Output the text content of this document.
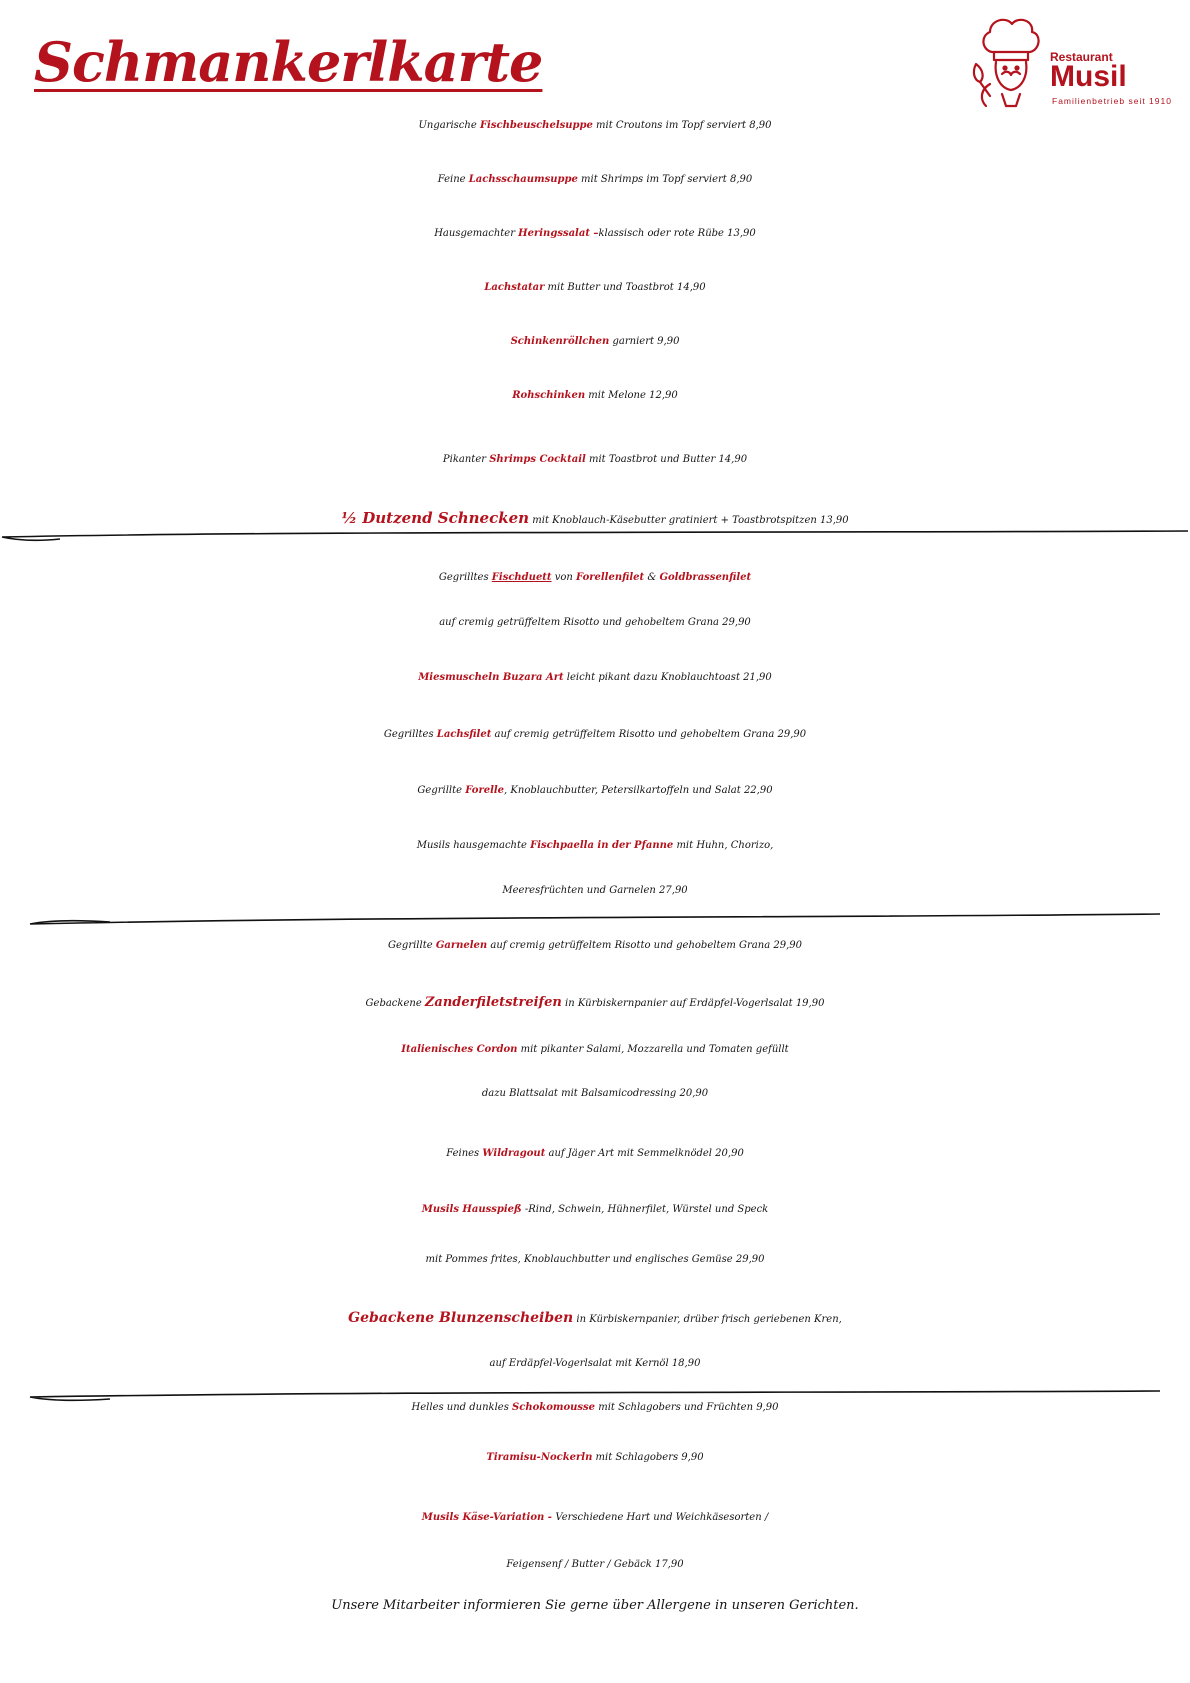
Schmankerlkarte	Restaurant
Musil
Familienbetrieb seit 1910
Ungarische Fischbeuschelsuppe mit Croutons im Topf serviert 8,90
Feine Lachsschaumsuppe mit Shrimps im Topf serviert 8,90
Hausgemachter Heringssalat –klassisch oder rote Rübe 13,90
Lachstatar mit Butter und Toastbrot 14,90
Schinkenröllchen garniert 9,90
Rohschinken mit Melone 12,90
Pikanter Shrimps Cocktail mit Toastbrot und Butter 14,90
½ Dutzend Schnecken mit Knoblauch-Käsebutter gratiniert + Toastbrotspitzen 13,90
Gegrilltes Fischduett von Forellenfilet & Goldbrassenfilet
auf cremig getrüffeltem Risotto und gehobeltem Grana 29,90
Miesmuscheln Buzara Art leicht pikant dazu Knoblauchtoast 21,90
Gegrilltes Lachsfilet auf cremig getrüffeltem Risotto und gehobeltem Grana 29,90
Gegrillte Forelle, Knoblauchbutter, Petersilkartoffeln und Salat 22,90
Musils hausgemachte Fischpaella in der Pfanne mit Huhn, Chorizo,
Meeresfrüchten und Garnelen 27,90
Gegrillte Garnelen auf cremig getrüffeltem Risotto und gehobeltem Grana 29,90
Gebackene Zanderfiletstreifen in Kürbiskernpanier auf Erdäpfel-Vogerlsalat 19,90
Italienisches Cordon mit pikanter Salami, Mozzarella und Tomaten gefüllt
dazu Blattsalat mit Balsamicodressing 20,90
Feines Wildragout auf Jäger Art mit Semmelknödel 20,90
Musils Hausspieß -Rind, Schwein, Hühnerfilet, Würstel und Speck
mit Pommes frites, Knoblauchbutter und englisches Gemüse 29,90
Gebackene Blunzenscheiben in Kürbiskernpanier, drüber frisch geriebenen Kren,
auf Erdäpfel-Vogerlsalat mit Kernöl 18,90
Helles und dunkles Schokomousse mit Schlagobers und Früchten 9,90
Tiramisu-Nockerln mit Schlagobers 9,90
Musils Käse-Variation - Verschiedene Hart und Weichkäsesorten /
Feigensenf / Butter / Gebäck 17,90
Unsere Mitarbeiter informieren Sie gerne über Allergene in unseren Gerichten.
